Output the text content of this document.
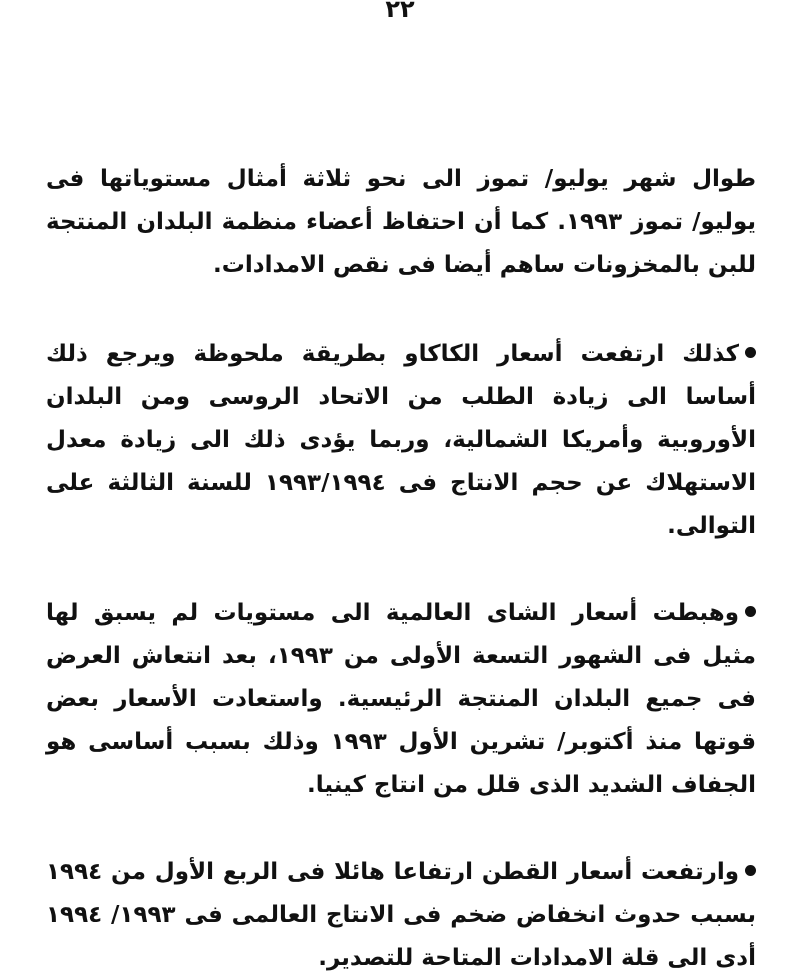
٢٢

طوال شهر يوليو/ تموز الى نحو ثلاثة أمثال مستوياتها فى يوليو/ تموز ١٩٩٣. كما أن احتفاظ أعضاء منظمة البلدان المنتجة للبن بالمخزونات ساهم أيضا فى نقص الامدادات.

كذلك ارتفعت أسعار الكاكاو بطريقة ملحوظة ويرجع ذلك أساسا الى زيادة الطلب من الاتحاد الروسى ومن البلدان الأوروبية وأمريكا الشمالية، وربما يؤدى ذلك الى زيادة معدل الاستهلاك عن حجم الانتاج فى ١٩٩٣/١٩٩٤ للسنة الثالثة على التوالى.

وهبطت أسعار الشاى العالمية الى مستويات لم يسبق لها مثيل فى الشهور التسعة الأولى من ١٩٩٣، بعد انتعاش العرض فى جميع البلدان المنتجة الرئيسية. واستعادت الأسعار بعض قوتها منذ أكتوبر/ تشرين الأول ١٩٩٣ وذلك بسبب أساسى هو الجفاف الشديد الذى قلل من انتاج كينيا.

وارتفعت أسعار القطن ارتفاعا هائلا فى الربع الأول من ١٩٩٤ بسبب حدوث انخفاض ضخم فى الانتاج العالمى فى ١٩٩٣/ ١٩٩٤ أدى الى قلة الامدادات المتاحة للتصدير.
